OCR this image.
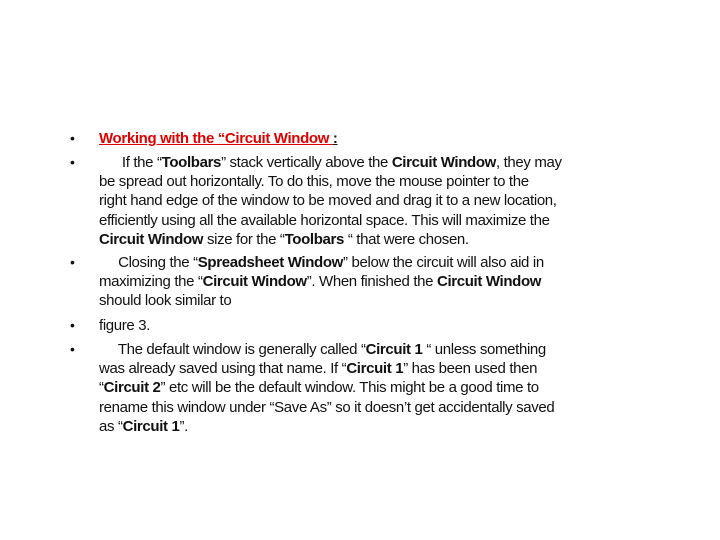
• Working with the “Circuit Window :
• If the “Toolbars” stack vertically above the Circuit Window, they may
be spread out horizontally. To do this, move the mouse pointer to the
right hand edge of the window to be moved and drag it to a new location,
efficiently using all the available horizontal space. This will maximize the
Circuit Window size for the “Toolbars “ that were chosen.
• Closing the “Spreadsheet Window” below the circuit will also aid in
maximizing the “Circuit Window”. When finished the Circuit Window
should look similar to
• figure 3.
• The default window is generally called “Circuit 1 “ unless something
was already saved using that name. If “Circuit 1” has been used then
“Circuit 2” etc will be the default window. This might be a good time to
rename this window under “Save As” so it doesn’t get accidentally saved
as “Circuit 1”.
